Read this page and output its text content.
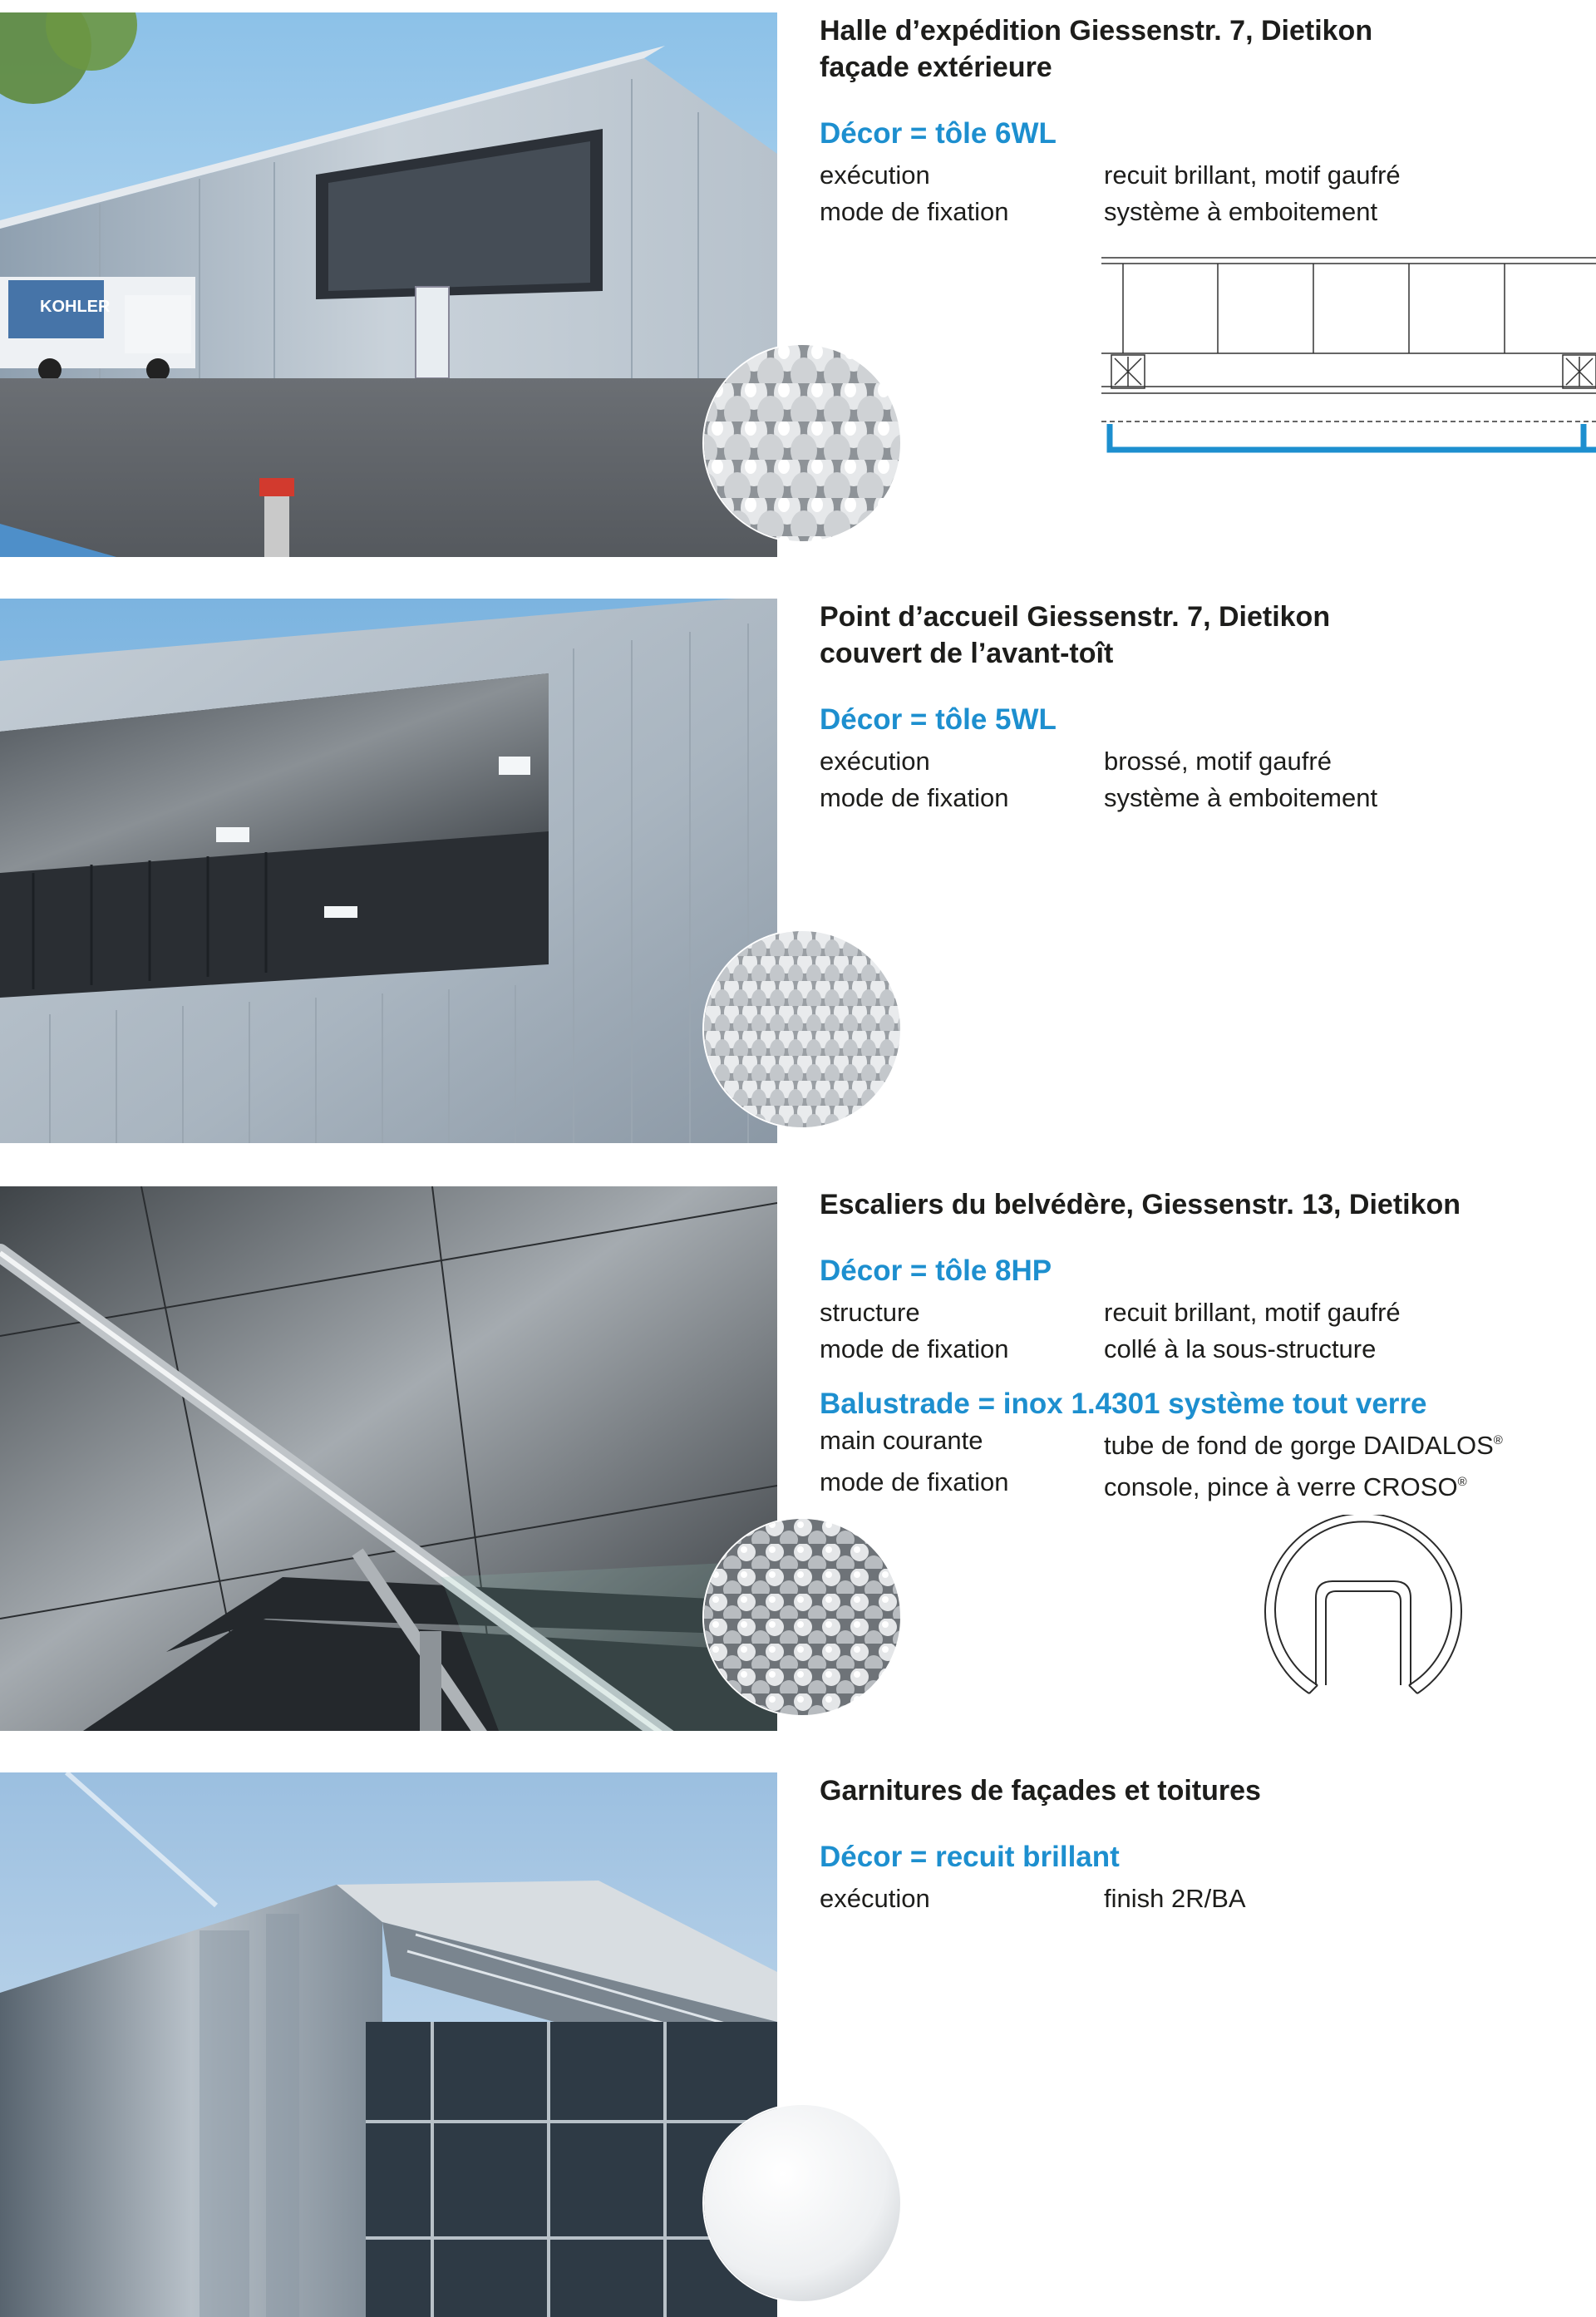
KOHLER

Halle d’expédition Giessenstr. 7, Dietikon

façade extérieure

Décor = tôle 6WL

exécution	recuit brillant, motif gaufré
mode de fixation	système à emboitement

Point d’accueil Giessenstr. 7, Dietikon

couvert de l’avant-toît

Décor = tôle 5WL

exécution	brossé, motif gaufré
mode de fixation	système à emboitement

Escaliers du belvédère, Giessenstr. 13, Dietikon

Décor = tôle 8HP

structure	recuit brillant, motif gaufré
mode de fixation	collé à la sous-structure

Balustrade = inox 1.4301 système tout verre

main courante	tube de fond de gorge DAIDALOS®
mode de fixation	console, pince à verre CROSO®

Garnitures de façades et toitures

Décor = recuit brillant

exécution	finish 2R/BA
